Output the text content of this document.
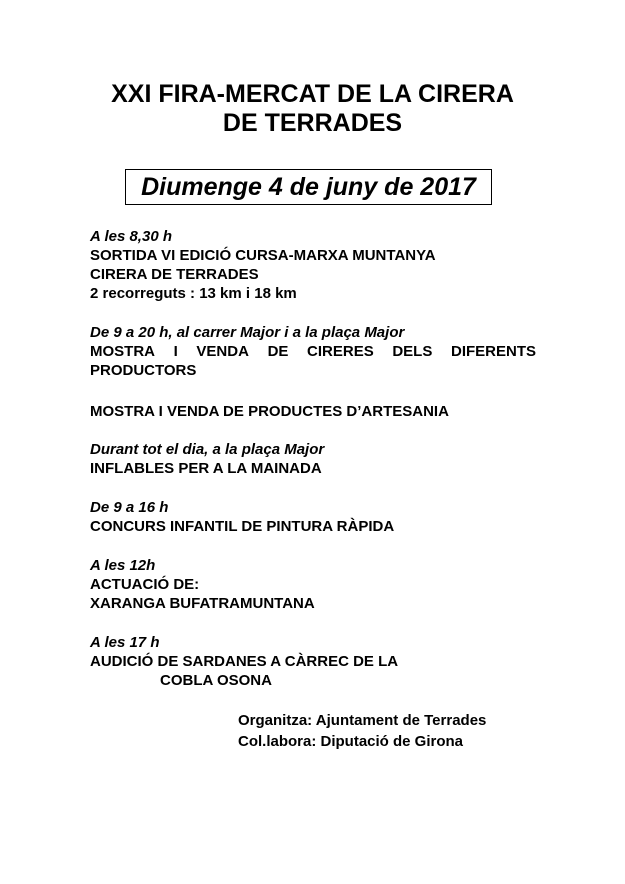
XXI FIRA-MERCAT DE LA CIRERA
DE TERRADES
Diumenge 4 de juny de 2017
A les 8,30 h
SORTIDA VI EDICIÓ CURSA-MARXA MUNTANYA
CIRERA DE TERRADES
2 recorreguts : 13 km i 18 km
De 9 a 20 h, al carrer Major i a la plaça Major
MOSTRA I VENDA DE CIRERES DELS DIFERENTS
PRODUCTORS
MOSTRA I VENDA DE PRODUCTES D’ARTESANIA
Durant tot el dia, a la plaça Major
INFLABLES PER A LA MAINADA
De 9 a 16 h
CONCURS INFANTIL DE PINTURA RÀPIDA
A les 12h
ACTUACIÓ DE:
XARANGA BUFATRAMUNTANA
A les 17 h
AUDICIÓ DE SARDANES A CÀRREC DE LA
COBLA OSONA
Organitza: Ajuntament de Terrades
Col.labora: Diputació de Girona
